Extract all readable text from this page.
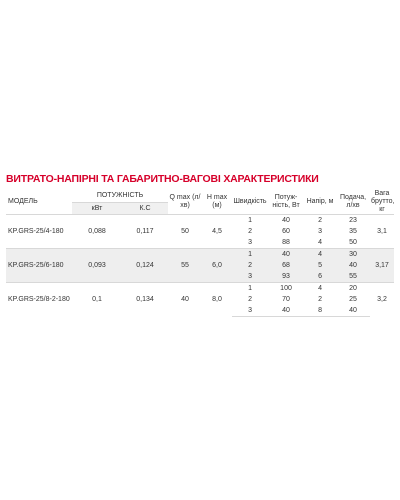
ВИТРАТО-НАПІРНІ ТА ГАБАРИТНО-ВАГОВІ ХАРАКТЕРИСТИКИ
МОДЕЛЬ	ПОТУЖНІСТЬ		Q max (л/хв)	H max (м)	Швидкість	Потуж-ність, Вт	Напір, м	Подача, л/хв	Вага брутто, кг
	кВт	К.С							
KP.GRS-25/4-180	0,088	0,117	50	4,5	1	40	2	23	3,1
					2	60	3	35	
					3	88	4	50	
KP.GRS-25/6-180	0,093	0,124	55	6,0	1	40	4	30	3,17
					2	68	5	40	
					3	93	6	55	
KP.GRS-25/8-2-180	0,1	0,134	40	8,0	1	100	4	20	3,2
					2	70	2	25	
					3	40	8	40	
